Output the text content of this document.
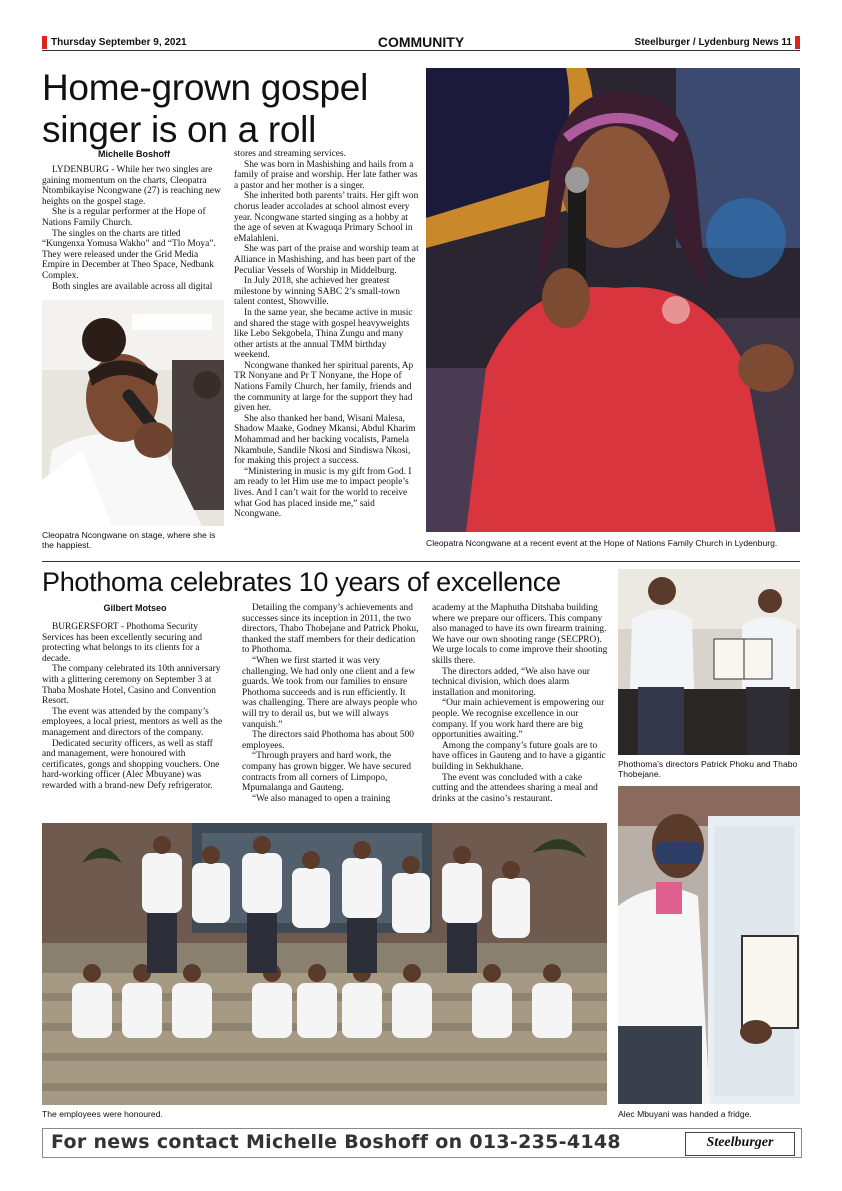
Thursday September 9, 2021	COMMUNITY	Steelburger / Lydenburg News 11
Home-grown gospel
singer is on a roll
Michelle Boshoff

LYDENBURG - While her two singles are gaining momentum on the charts, Cleopatra Ntombikayise Ncongwane (27) is reaching new heights on the gospel stage.

She is a regular performer at the Hope of Nations Family Church.

The singles on the charts are titled “Kungenxa Yomusa Wakho” and “Tlo Moya”. They were released under the Grid Media Empire in December at Theo Space, Nedbank Complex.

Both singles are available across all digital

stores and streaming services.

She was born in Mashishing and hails from a family of praise and worship. Her late father was a pastor and her mother is a singer.

She inherited both parents’ traits. Her gift won chorus leader accolades at school almost every year. Ncongwane started singing as a hobby at the age of seven at Kwaguqa Primary School in eMalahleni.

She was part of the praise and worship team at Alliance in Mashishing, and has been part of the Peculiar Vessels of Worship in Middelburg.

In July 2018, she achieved her greatest milestone by winning SABC 2’s small-town talent contest, Showville.

In the same year, she became active in music and shared the stage with gospel heavyweights like Lebo Sekgobela, Thina Zungu and many other artists at the annual TMM birthday weekend.

Ncongwane thanked her spiritual parents, Ap TR Nonyane and Pr T Nonyane, the Hope of Nations Family Church, her family, friends and the community at large for the support they had given her.

She also thanked her band, Wisani Malesa, Shadow Maake, Godney Mkansi, Abdul Kharim Mohammad and her backing vocalists, Pamela Nkambule, Sandile Nkosi and Sindiswa Nkosi, for making this project a success.

“Ministering in music is my gift from God. I am ready to let Him use me to impact people’s lives. And I can’t wait for the world to receive what God has placed inside me,” said Ncongwane.

Cleopatra Ncongwane on stage, where she is the happiest.	Cleopatra Ncongwane at a recent event at the Hope of Nations Family Church in Lydenburg.
Phothoma celebrates 10 years of excellence
Gilbert Motseo

BURGERSFORT - Phothoma Security Services has been excellently securing and protecting what belongs to its clients for a decade.

The company celebrated its 10th anniversary with a glittering ceremony on September 3 at Thaba Moshate Hotel, Casino and Convention Resort.

The event was attended by the company’s employees, a local priest, mentors as well as the management and directors of the company.

Dedicated security officers, as well as staff and management, were honoured with certificates, gongs and shopping vouchers. One hard-working officer (Alec Mbuyane) was rewarded with a brand-new Defy refrigerator.

Detailing the company’s achievements and successes since its inception in 2011, the two directors, Thabo Thobejane and Patrick Phoku, thanked the staff members for their dedication to Phothoma.

“When we first started it was very challenging. We had only one client and a few guards. We took from our families to ensure Phothoma succeeds and is run efficiently. It was challenging. There are always people who will try to derail us, but we will always vanquish.”

The directors said Phothoma has about 500 employees.

“Through prayers and hard work, the company has grown bigger. We have secured contracts from all corners of Limpopo, Mpumalanga and Gauteng.

“We also managed to open a training

academy at the Maphutha Ditshaba building where we prepare our officers. This company also managed to have its own firearm training. We have our own shooting range (SECPRO). We urge locals to come improve their shooting skills there.

The directors added, “We also have our technical division, which does alarm installation and monitoring.

“Our main achievement is empowering our people. We recognise excellence in our company. If you work hard there are big opportunities awaiting.”

Among the company’s future goals are to have offices in Gauteng and to have a gigantic building in Sekhukhane.

The event was concluded with a cake cutting and the attendees sharing a meal and drinks at the casino’s restaurant.

Phothoma’s directors Patrick Phoku and Thabo Thobejane.
The employees were honoured.	Alec Mbuyani was handed a fridge.
For news contact Michelle Boshoff on 013-235-4148	Steelburger
